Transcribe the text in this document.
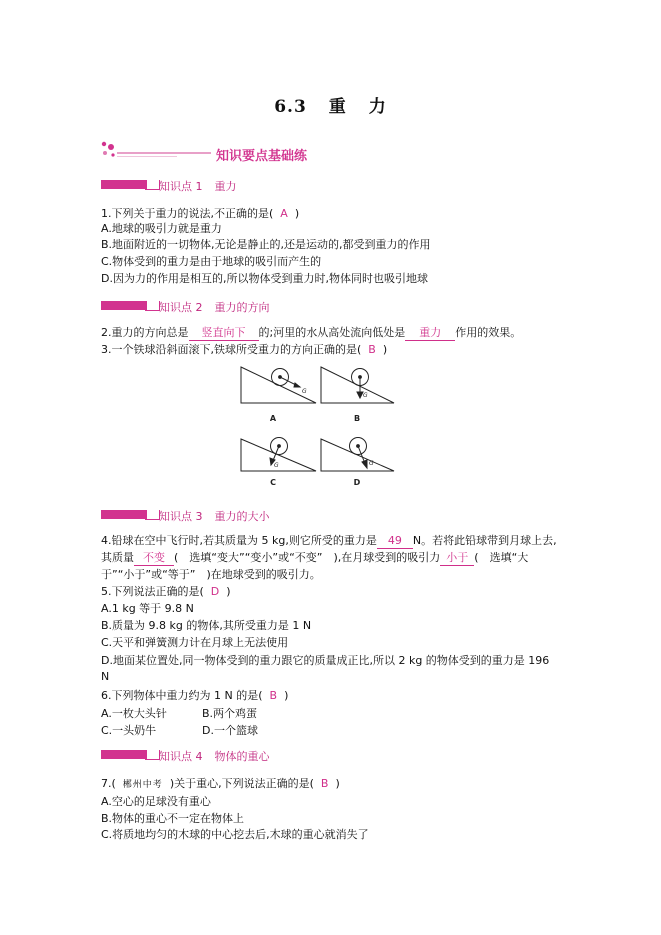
6.3 重 力
知识要点基础练
知识点 1 重力
1.下列关于重力的说法,不正确的是( A )
A.地球的吸引力就是重力
B.地面附近的一切物体,无论是静止的,还是运动的,都受到重力的作用
C.物体受到的重力是由于地球的吸引而产生的
D.因为力的作用是相互的,所以物体受到重力时,物体同时也吸引地球
知识点 2 重力的方向
2.重力的方向总是 竖直向下 的;河里的水从高处流向低处是 重力 作用的效果。
3.一个铁球沿斜面滚下,铁球所受重力的方向正确的是( B )
G
G
G	G
A	B
C	D
知识点 3 重力的大小
4.铅球在空中飞行时,若其质量为 5 kg,则它所受的重力是 49 N。若将此铅球带到月球上去,
其质量 不变 (　选填“变大”“变小”或“不变”　),在月球受到的吸引力 小于 (　选填“大
于”“小于”或“等于”　)在地球受到的吸引力。
5.下列说法正确的是( D )
A.1 kg 等于 9.8 N
B.质量为 9.8 kg 的物体,其所受重力是 1 N
C.天平和弹簧测力计在月球上无法使用
D.地面某位置处,同一物体受到的重力跟它的质量成正比,所以 2 kg 的物体受到的重力是 196
N
6.下列物体中重力约为 1 N 的是( B )
A.一枚大头针	B.两个鸡蛋
C.一头奶牛	D.一个篮球
知识点 4 物体的重心
7.( 郴州中考 )关于重心,下列说法正确的是( B )
A.空心的足球没有重心
B.物体的重心不一定在物体上
C.将质地均匀的木球的中心挖去后,木球的重心就消失了
